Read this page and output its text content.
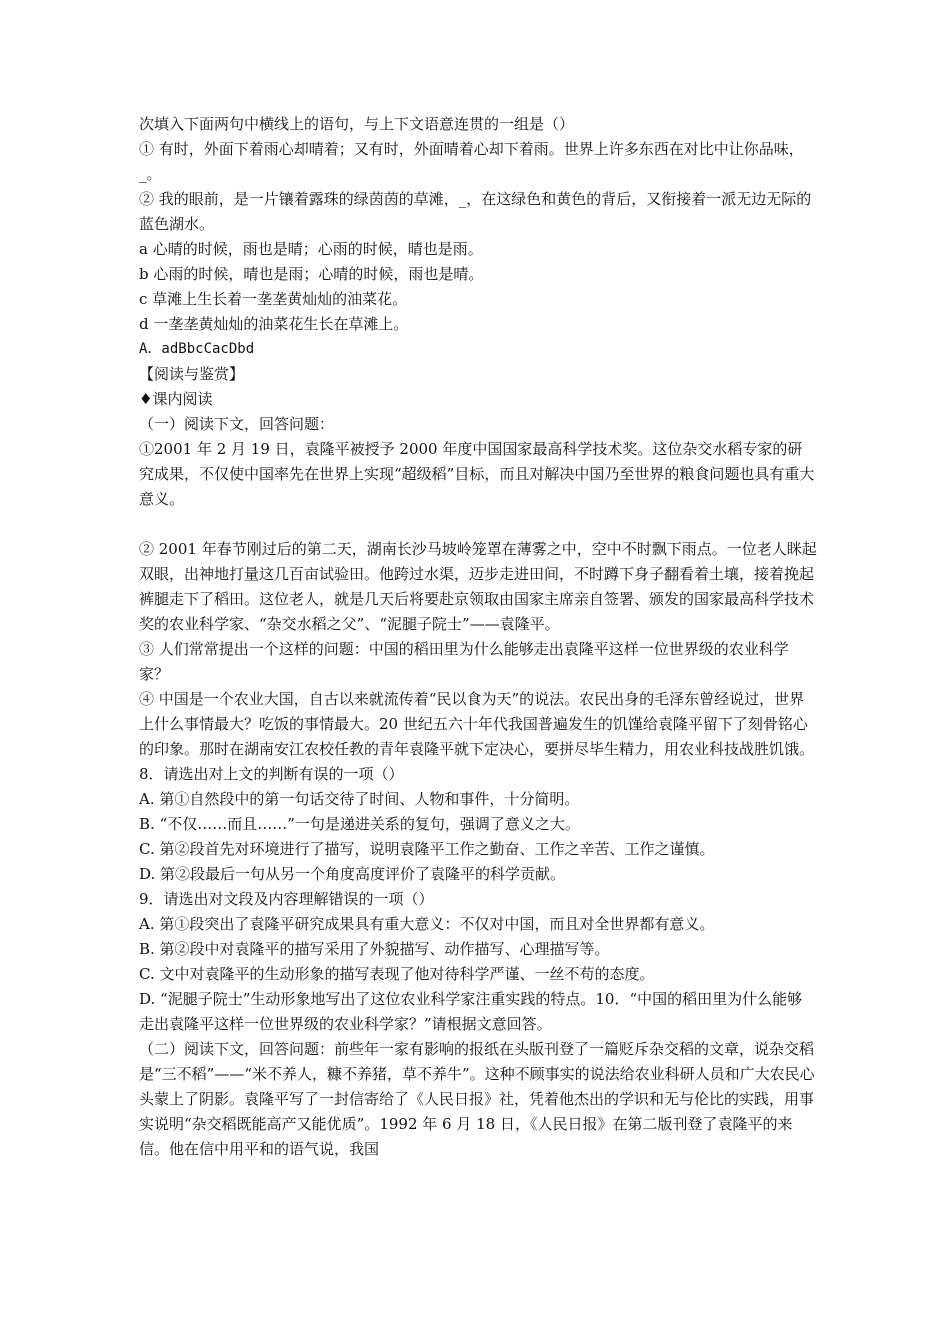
次填入下面两句中横线上的语句，与上下文语意连贯的一组是（）

① 有时，外面下着雨心却晴着；又有时，外面晴着心却下着雨。世界上许多东西在对比中让你品味，_。

② 我的眼前，是一片镶着露珠的绿茵茵的草滩，_，在这绿色和黄色的背后，又衔接着一派无边无际的蓝色湖水。

a 心晴的时候，雨也是晴；心雨的时候，晴也是雨。

b 心雨的时候，晴也是雨；心晴的时候，雨也是晴。

c 草滩上生长着一垄垄黄灿灿的油菜花。

d 一垄垄黄灿灿的油菜花生长在草滩上。

A．adBbcCacDbd

【阅读与鉴赏】

♦课内阅读

（一）阅读下文，回答问题：

①2001 年 2 月 19 日，袁隆平被授予 2000 年度中国国家最高科学技术奖。这位杂交水稻专家的研究成果，不仅使中国率先在世界上实现“超级稻”目标，而且对解决中国乃至世界的粮食问题也具有重大意义。

② 2001 年春节刚过后的第二天，湖南长沙马坡岭笼罩在薄雾之中，空中不时飘下雨点。一位老人眯起双眼，出神地打量这几百亩试验田。他跨过水渠，迈步走进田间，不时蹲下身子翻看着土壤，接着挽起裤腿走下了稻田。这位老人，就是几天后将要赴京领取由国家主席亲自签署、颁发的国家最高科学技术奖的农业科学家、“杂交水稻之父”、“泥腿子院士”——袁隆平。

③ 人们常常提出一个这样的问题：中国的稻田里为什么能够走出袁隆平这样一位世界级的农业科学家？

④ 中国是一个农业大国，自古以来就流传着“民以食为天”的说法。农民出身的毛泽东曾经说过，世界上什么事情最大？吃饭的事情最大。20 世纪五六十年代我国普遍发生的饥馑给袁隆平留下了刻骨铭心的印象。那时在湖南安江农校任教的青年袁隆平就下定决心，要拼尽毕生精力，用农业科技战胜饥饿。

8．请选出对上文的判断有误的一项（）

A. 第①自然段中的第一句话交待了时间、人物和事件，十分简明。

B. “不仅……而且……”一句是递进关系的复句，强调了意义之大。

C. 第②段首先对环境进行了描写，说明袁隆平工作之勤奋、工作之辛苦、工作之谨慎。

D. 第②段最后一句从另一个角度高度评价了袁隆平的科学贡献。

9．请选出对文段及内容理解错误的一项（）

A. 第①段突出了袁隆平研究成果具有重大意义：不仅对中国，而且对全世界都有意义。

B. 第②段中对袁隆平的描写采用了外貌描写、动作描写、心理描写等。

C. 文中对袁隆平的生动形象的描写表现了他对待科学严谨、一丝不苟的态度。

D. “泥腿子院士”生动形象地写出了这位农业科学家注重实践的特点。10．“中国的稻田里为什么能够走出袁隆平这样一位世界级的农业科学家？”请根据文意回答。

（二）阅读下文，回答问题：前些年一家有影响的报纸在头版刊登了一篇贬斥杂交稻的文章，说杂交稻是“三不稻”——“米不养人，糠不养猪，草不养牛”。这种不顾事实的说法给农业科研人员和广大农民心头蒙上了阴影。袁隆平写了一封信寄给了《人民日报》社，凭着他杰出的学识和无与伦比的实践，用事实说明“杂交稻既能高产又能优质”。1992 年 6 月 18 日，《人民日报》在第二版刊登了袁隆平的来信。他在信中用平和的语气说，我国
